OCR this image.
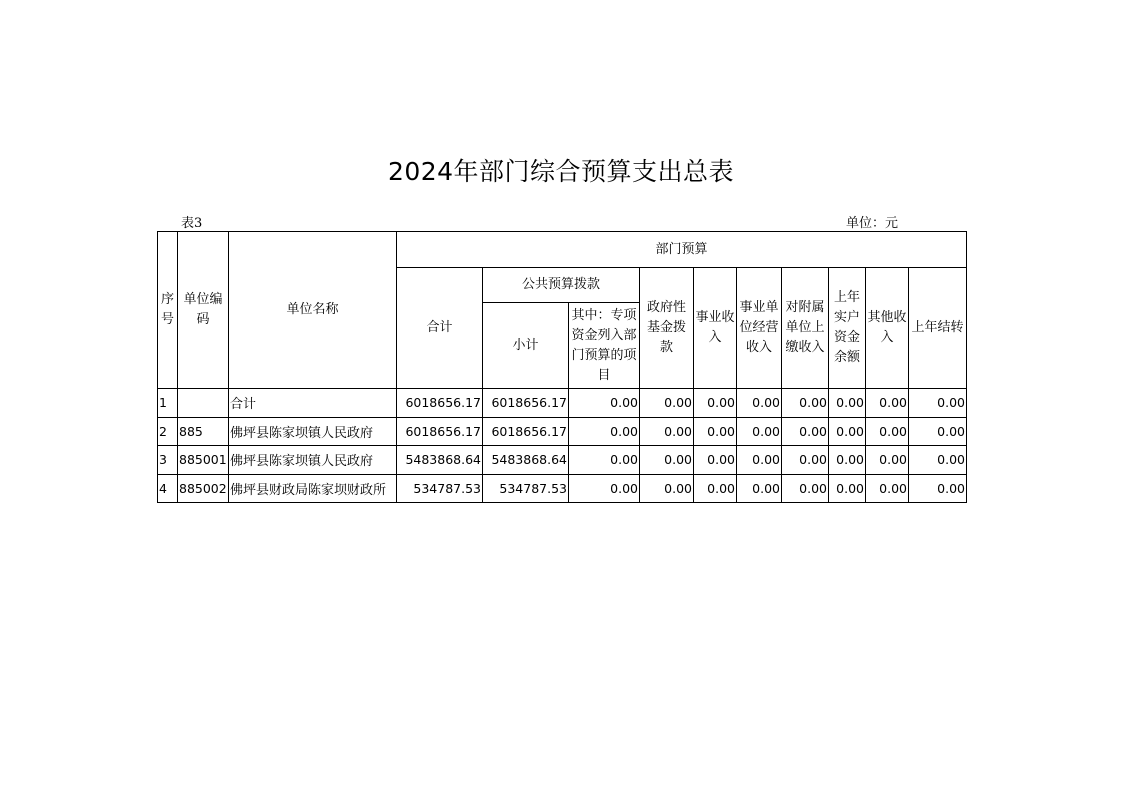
2024年部门综合预算支出总表
表3	单位：元
序号	单位编码	单位名称	部门预算									
			合计	公共预算拨款		政府性基金拨款	事业收入	事业单位经营收入	对附属单位上缴收入	上年实户资金余额	其他收入	上年结转
				小计	其中：专项资金列入部门预算的项目							
1		合计	6018656.17	6018656.17	0.00	0.00	0.00	0.00	0.00	0.00	0.00	0.00
2	885	佛坪县陈家坝镇人民政府	6018656.17	6018656.17	0.00	0.00	0.00	0.00	0.00	0.00	0.00	0.00
3	885001	佛坪县陈家坝镇人民政府	5483868.64	5483868.64	0.00	0.00	0.00	0.00	0.00	0.00	0.00	0.00
4	885002	佛坪县财政局陈家坝财政所	534787.53	534787.53	0.00	0.00	0.00	0.00	0.00	0.00	0.00	0.00
